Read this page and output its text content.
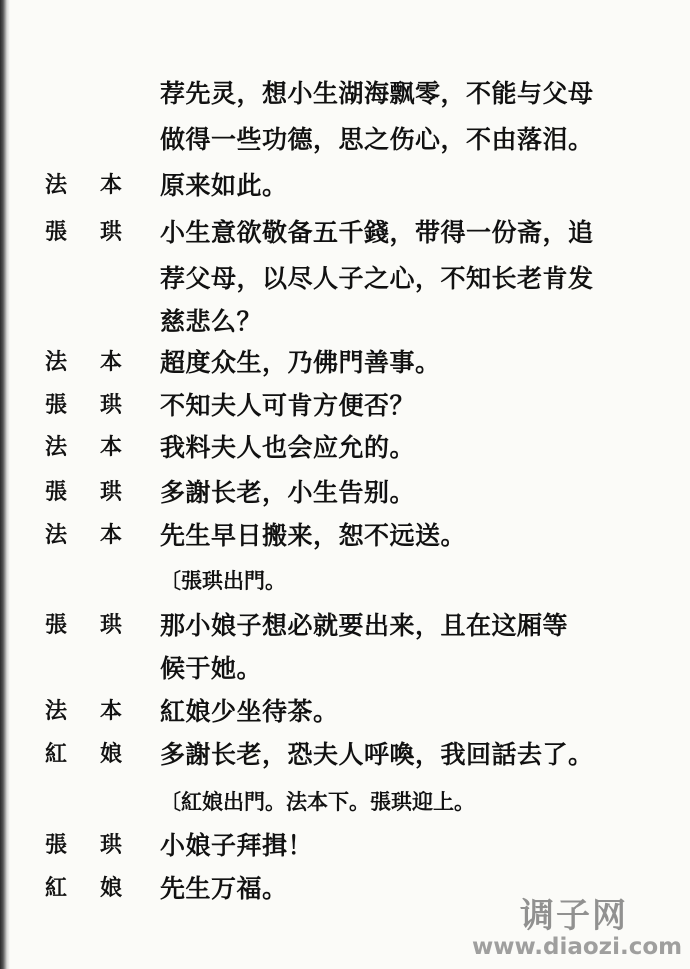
荐先灵，想小生湖海飘零，不能与父母
做得一些功德，思之伤心，不由落泪。
法 本 原来如此。
張 珙 小生意欲敬备五千錢，带得一份斋，追
荐父母，以尽人子之心，不知长老肯发
慈悲么？
法 本 超度众生，乃佛門善事。
張 珙 不知夫人可肯方便否？
法 本 我料夫人也会应允的。
張 珙 多謝长老，小生告别。
法 本 先生早日搬来，恕不远送。
〔張珙出門。
張 珙 那小娘子想必就要出来，且在这厢等
候于她。
法 本 紅娘少坐待茶。
紅 娘 多謝长老，恐夫人呼喚，我回話去了。
〔紅娘出門。法本下。張珙迎上。
張 珙 小娘子拜揖！
紅 娘 先生万福。
调子网
www.diaozi.com
